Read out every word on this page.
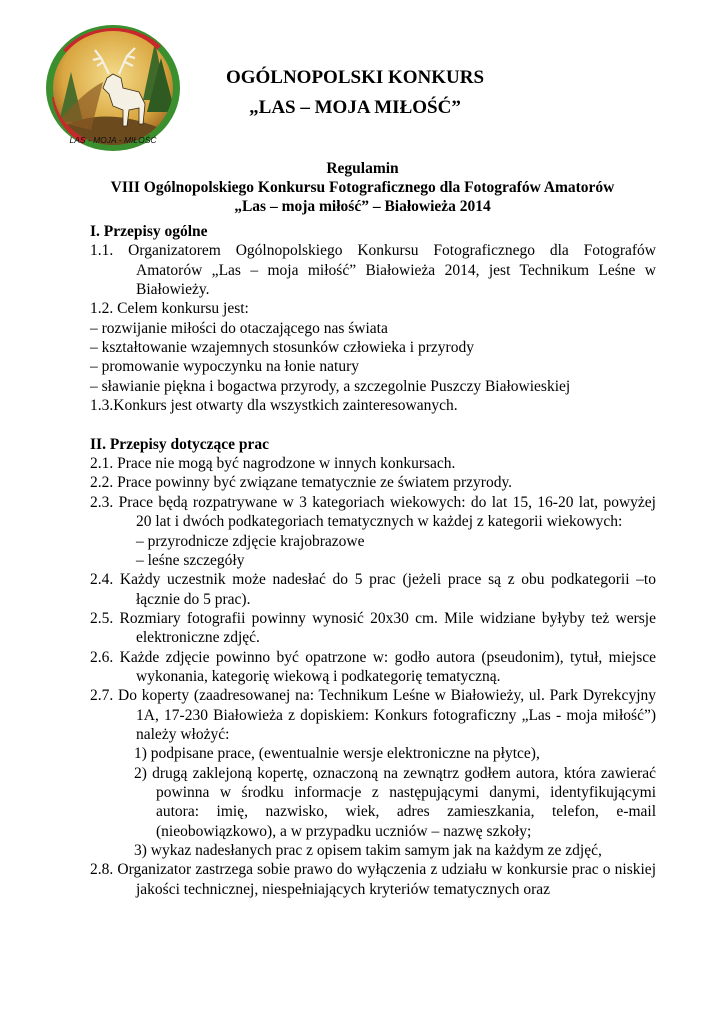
LAS - MOJA - MIŁOŚĆ
OGÓLNOPOLSKI KONKURS
„LAS – MOJA MIŁOŚĆ”
Regulamin
VIII Ogólnopolskiego Konkursu Fotograficznego dla Fotografów Amatorów
„Las – moja miłość” – Białowieża 2014

I. Przepisy ogólne

1.1. Organizatorem Ogólnopolskiego Konkursu Fotograficznego dla Fotografów Amatorów „Las – moja miłość” Białowieża 2014, jest Technikum Leśne w Białowieży.

1.2. Celem konkursu jest:

– rozwijanie miłości do otaczającego nas świata

– kształtowanie wzajemnych stosunków człowieka i przyrody

– promowanie wypoczynku na łonie natury

– sławianie piękna i bogactwa przyrody, a szczegolnie Puszczy Białowieskiej

1.3.Konkurs jest otwarty dla wszystkich zainteresowanych.

II. Przepisy dotyczące prac

2.1. Prace nie mogą być nagrodzone w innych konkursach.

2.2. Prace powinny być związane tematycznie ze światem przyrody.

2.3. Prace będą rozpatrywane w 3 kategoriach wiekowych: do lat 15, 16-20 lat, powyżej 20 lat i dwóch podkategoriach tematycznych w każdej z kategorii wiekowych:

– przyrodnicze zdjęcie krajobrazowe

– leśne szczegóły

2.4. Każdy uczestnik może nadesłać do 5 prac (jeżeli prace są z obu podkategorii –to łącznie do 5 prac).

2.5. Rozmiary fotografii powinny wynosić 20x30 cm. Mile widziane byłyby też wersje elektroniczne zdjęć.

2.6. Każde zdjęcie powinno być opatrzone w: godło autora (pseudonim), tytuł, miejsce wykonania, kategorię wiekową i podkategorię tematyczną.

2.7. Do koperty (zaadresowanej na: Technikum Leśne w Białowieży, ul. Park Dyrekcyjny 1A, 17-230 Białowieża z dopiskiem: Konkurs fotograficzny „Las - moja miłość”) należy włożyć:

1) podpisane prace, (ewentualnie wersje elektroniczne na płytce),

2) drugą zaklejoną kopertę, oznaczoną na zewnątrz godłem autora, która zawierać powinna w środku informacje z następującymi danymi, identyfikującymi autora: imię, nazwisko, wiek, adres zamieszkania, telefon, e-mail (nieobowiązkowo), a w przypadku uczniów – nazwę szkoły;

3) wykaz nadesłanych prac z opisem takim samym jak na każdym ze zdjęć,

2.8. Organizator zastrzega sobie prawo do wyłączenia z udziału w konkursie prac o niskiej jakości technicznej, niespełniających kryteriów tematycznych oraz
